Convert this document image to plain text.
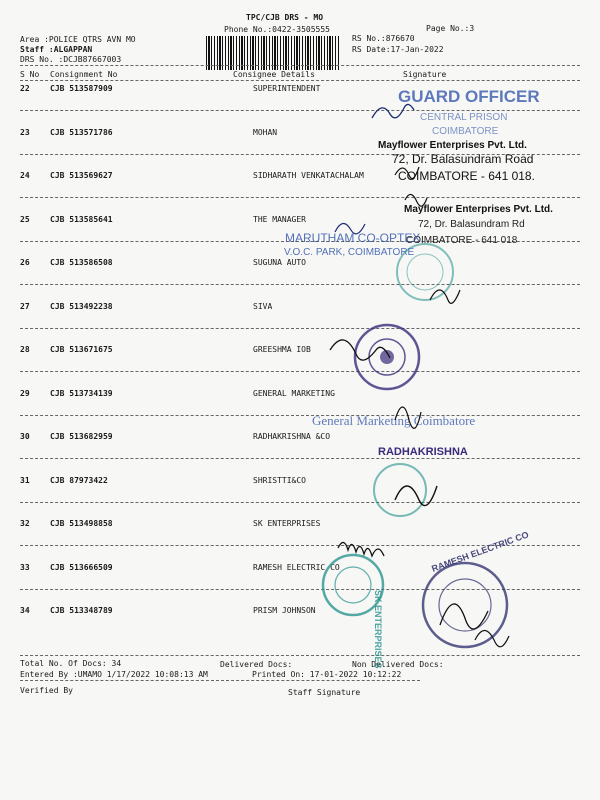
TPC/CJB DRS - MO
Phone No.:0422-3505555	Page No.:3
Area :POLICE QTRS AVN MO
Staff :ALGAPPAN
DRS No. :DCJB87667003
RS No.:876670
RS Date:17-Jan-2022
S No Consignment No	Consignee Details	Signature
22	CJB 513587909	SUPERINTENDENT
23	CJB 513571786	MOHAN
24	CJB 513569627	SIDHARATH VENKATACHALAM
25	CJB 513585641	THE MANAGER
26	CJB 513586508	SUGUNA AUTO
27	CJB 513492238	SIVA
28	CJB 513671675	GREESHMA IOB
29	CJB 513734139	GENERAL MARKETING
30	CJB 513682959	RADHAKRISHNA &CO
31	CJB 87973422	SHRISTTI&CO
32	CJB 513498858	SK ENTERPRISES
33	CJB 513666509	RAMESH ELECTRIC CO
34	CJB 513348789	PRISM JOHNSON
Total No. Of Docs: 34	Delivered Docs:	Non Delivered Docs:
Entered By :UMAMO 1/17/2022 10:08:13 AM	Printed On: 17-01-2022 10:12:22
Verified By	Staff Signature
GUARD OFFICER
CENTRAL PRISON
COIMBATORE
Mayflower Enterprises Pvt. Ltd.
72, Dr. Balasundram Road
COIMBATORE - 641 018.
Mayflower Enterprises Pvt. Ltd.
72, Dr. Balasundram Rd
COIMBATORE - 641 018
MARUTHAM CO-OPTEX
V.O.C. PARK, COIMBATORE
General Marketing Coimbatore
RADHAKRISHNA
SK ENTERPRISES
RAMESH ELECTRIC CO
